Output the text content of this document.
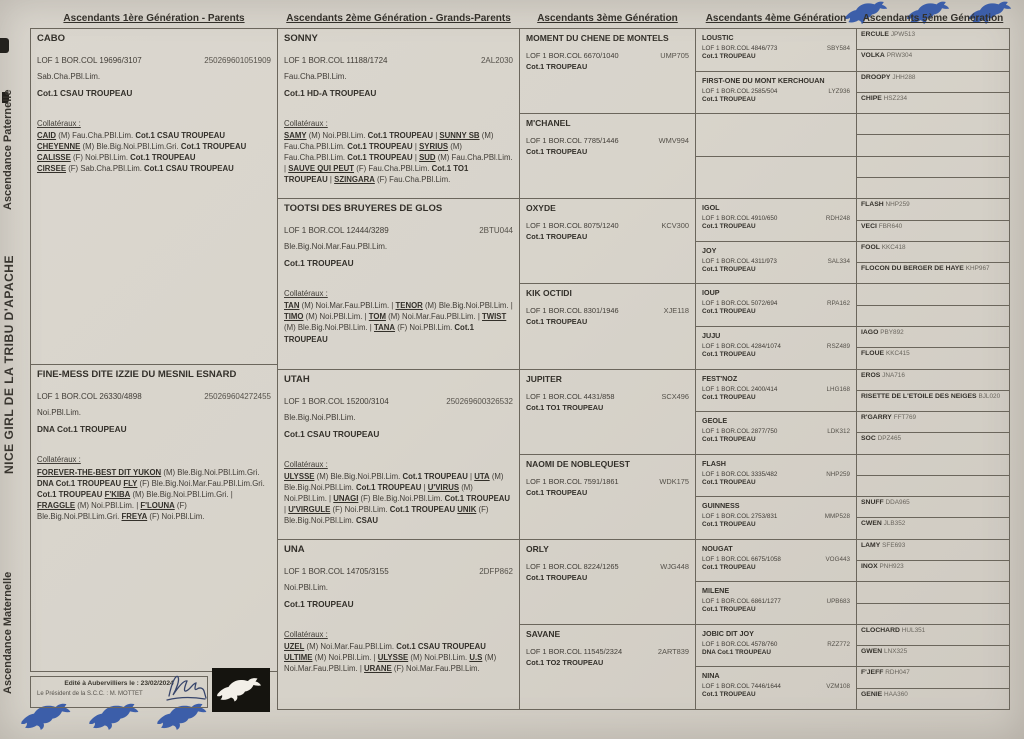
Ascendants 1ère Génération - Parents	Ascendants 2ème Génération - Grands-Parents	Ascendants 3ème Génération	Ascendants 4ème Génération	Ascendants 5ème Génération
Ascendance Paternelle
NICE GIRL DE LA TRIBU D'APACHE
Ascendance Maternelle
CABO
LOF 1 BOR.COL 19696/3107	250269601051909
Sab.Cha.PBl.Lim.
Cot.1 CSAU TROUPEAU
Collatéraux :
CAID (M) Fau.Cha.PBl.Lim. Cot.1 CSAU TROUPEAU
CHEYENNE (M) Ble.Big.Noi.PBl.Lim.Gri. Cot.1 TROUPEAU
CALISSE (F) Noi.PBl.Lim. Cot.1 TROUPEAU
CIRSEE (F) Sab.Cha.PBl.Lim. Cot.1 CSAU TROUPEAU
FINE-MESS DITE IZZIE DU MESNIL ESNARD
LOF 1 BOR.COL 26330/4898	250269604272455
Noi.PBl.Lim.
DNA Cot.1 TROUPEAU
Collatéraux :
FOREVER-THE-BEST DIT YUKON (M) Ble.Big.Noi.PBl.Lim.Gri. DNA Cot.1 TROUPEAU FLY (F) Ble.Big.Noi.Mar.Fau.PBl.Lim.Gri. Cot.1 TROUPEAU F'KIBA (M) Ble.Big.Noi.PBl.Lim.Gri. | FRAGGLE (M) Noi.PBl.Lim. | F'LOUNA (F) Ble.Big.Noi.PBl.Lim.Gri. FREYA (F) Noi.PBl.Lim.
SONNY
LOF 1 BOR.COL 11188/1724	2AL2030
Fau.Cha.PBl.Lim.
Cot.1 HD-A TROUPEAU
Collatéraux :
SAMY (M) Noi.PBl.Lim. Cot.1 TROUPEAU | SUNNY SB (M) Fau.Cha.PBl.Lim. Cot.1 TROUPEAU | SYRIUS (M) Fau.Cha.PBl.Lim. Cot.1 TROUPEAU | SUD (M) Fau.Cha.PBl.Lim. | SAUVE QUI PEUT (F) Fau.Cha.PBl.Lim. Cot.1 TO1 TROUPEAU | SZINGARA (F) Fau.Cha.PBl.Lim.
TOOTSI DES BRUYERES DE GLOS
LOF 1 BOR.COL 12444/3289	2BTU044
Ble.Big.Noi.Mar.Fau.PBl.Lim.
Cot.1 TROUPEAU
Collatéraux :
TAN (M) Noi.Mar.Fau.PBl.Lim. | TENOR (M) Ble.Big.Noi.PBl.Lim. | TIMO (M) Noi.PBl.Lim. | TOM (M) Noi.Mar.Fau.PBl.Lim. | TWIST (M) Ble.Big.Noi.PBl.Lim. | TANA (F) Noi.PBl.Lim. Cot.1 TROUPEAU
UTAH
LOF 1 BOR.COL 15200/3104	250269600326532
Ble.Big.Noi.PBl.Lim.
Cot.1 CSAU TROUPEAU
Collatéraux :
ULYSSE (M) Ble.Big.Noi.PBl.Lim. Cot.1 TROUPEAU | UTA (M) Ble.Big.Noi.PBl.Lim. Cot.1 TROUPEAU | U'VIRUS (M) Noi.PBl.Lim. | UNAGI (F) Ble.Big.Noi.PBl.Lim. Cot.1 TROUPEAU | U'VIRGULE (F) Noi.PBl.Lim. Cot.1 TROUPEAU UNIK (F) Ble.Big.Noi.PBl.Lim. CSAU
UNA
LOF 1 BOR.COL 14705/3155	2DFP862
Noi.PBl.Lim.
Cot.1 TROUPEAU
Collatéraux :
UZEL (M) Noi.Mar.Fau.PBl.Lim. Cot.1 CSAU TROUPEAU ULTIME (M) Noi.PBl.Lim. | ULYSSE (M) Noi.PBl.Lim. U.S (M) Noi.Mar.Fau.PBl.Lim. | URANE (F) Noi.Mar.Fau.PBl.Lim.
MOMENT DU CHENE DE MONTELS
LOF 1 BOR.COL 6670/1040	UMP705
Cot.1 TROUPEAU
M'CHANEL
LOF 1 BOR.COL 7785/1446	WMV994
Cot.1 TROUPEAU
OXYDE
LOF 1 BOR.COL 8075/1240	KCV300
Cot.1 TROUPEAU
KIK OCTIDI
LOF 1 BOR.COL 8301/1946	XJE118
Cot.1 TROUPEAU
JUPITER
LOF 1 BOR.COL 4431/858	SCX496
Cot.1 TO1 TROUPEAU
NAOMI DE NOBLEQUEST
LOF 1 BOR.COL 7591/1861	WDK175
Cot.1 TROUPEAU
ORLY
LOF 1 BOR.COL 8224/1265	WJG448
Cot.1 TROUPEAU
SAVANE
LOF 1 BOR.COL 11545/2324	2ART839
Cot.1 TO2 TROUPEAU
LOUSTIC
LOF 1 BOR.COL 4846/773	SBY584
Cot.1 TROUPEAU
FIRST-ONE DU MONT KERCHOUAN
LOF 1 BOR.COL 2585/504	LYZ936
Cot.1 TROUPEAU
IGOL
LOF 1 BOR.COL 4910/650	RDH248
Cot.1 TROUPEAU
JOY
LOF 1 BOR.COL 4311/973	SAL334
Cot.1 TROUPEAU
IOUP
LOF 1 BOR.COL 5072/694	RPA162
Cot.1 TROUPEAU
JUJU
LOF 1 BOR.COL 4284/1074	RSZ489
Cot.1 TROUPEAU
FEST'NOZ
LOF 1 BOR.COL 2400/414	LHG168
Cot.1 TROUPEAU
GEOLE
LOF 1 BOR.COL 2877/750	LDK312
Cot.1 TROUPEAU
FLASH
LOF 1 BOR.COL 3335/482	NHP259
Cot.1 TROUPEAU
GUINNESS
LOF 1 BOR.COL 2753/831	MMP528
Cot.1 TROUPEAU
NOUGAT
LOF 1 BOR.COL 6675/1058	VOG443
Cot.1 TROUPEAU
MILENE
LOF 1 BOR.COL 6861/1277	UPB683
Cot.1 TROUPEAU
JOBIC DIT JOY
LOF 1 BOR.COL 4578/760	RZZ772
DNA Cot.1 TROUPEAU
NINA
LOF 1 BOR.COL 7446/1644	VZM108
Cot.1 TROUPEAU
ERCULE JPW513
VOLKA PRW304
DROOPY JHH288
CHIPE HSZ234
FLASH NHP259
VECI FBR640
FOOL KKC418
FLOCON DU BERGER DE HAYE KHP967
IAGO PBY892
FLOUE KKC415
EROS JNA716
RISETTE DE L'ETOILE DES NEIGES BJL020
R'GARRY FFT769
SOC DPZ465
SNUFF DDA965
CWEN JLB352
LAMY SFE693
INOX PNH923
CLOCHARD HUL351
GWEN LNX325
F'JEFF RDH047
GENIE HAA360
Edité à Aubervilliers le : 23/02/2024
Le Président de la S.C.C. : M. MOTTET
